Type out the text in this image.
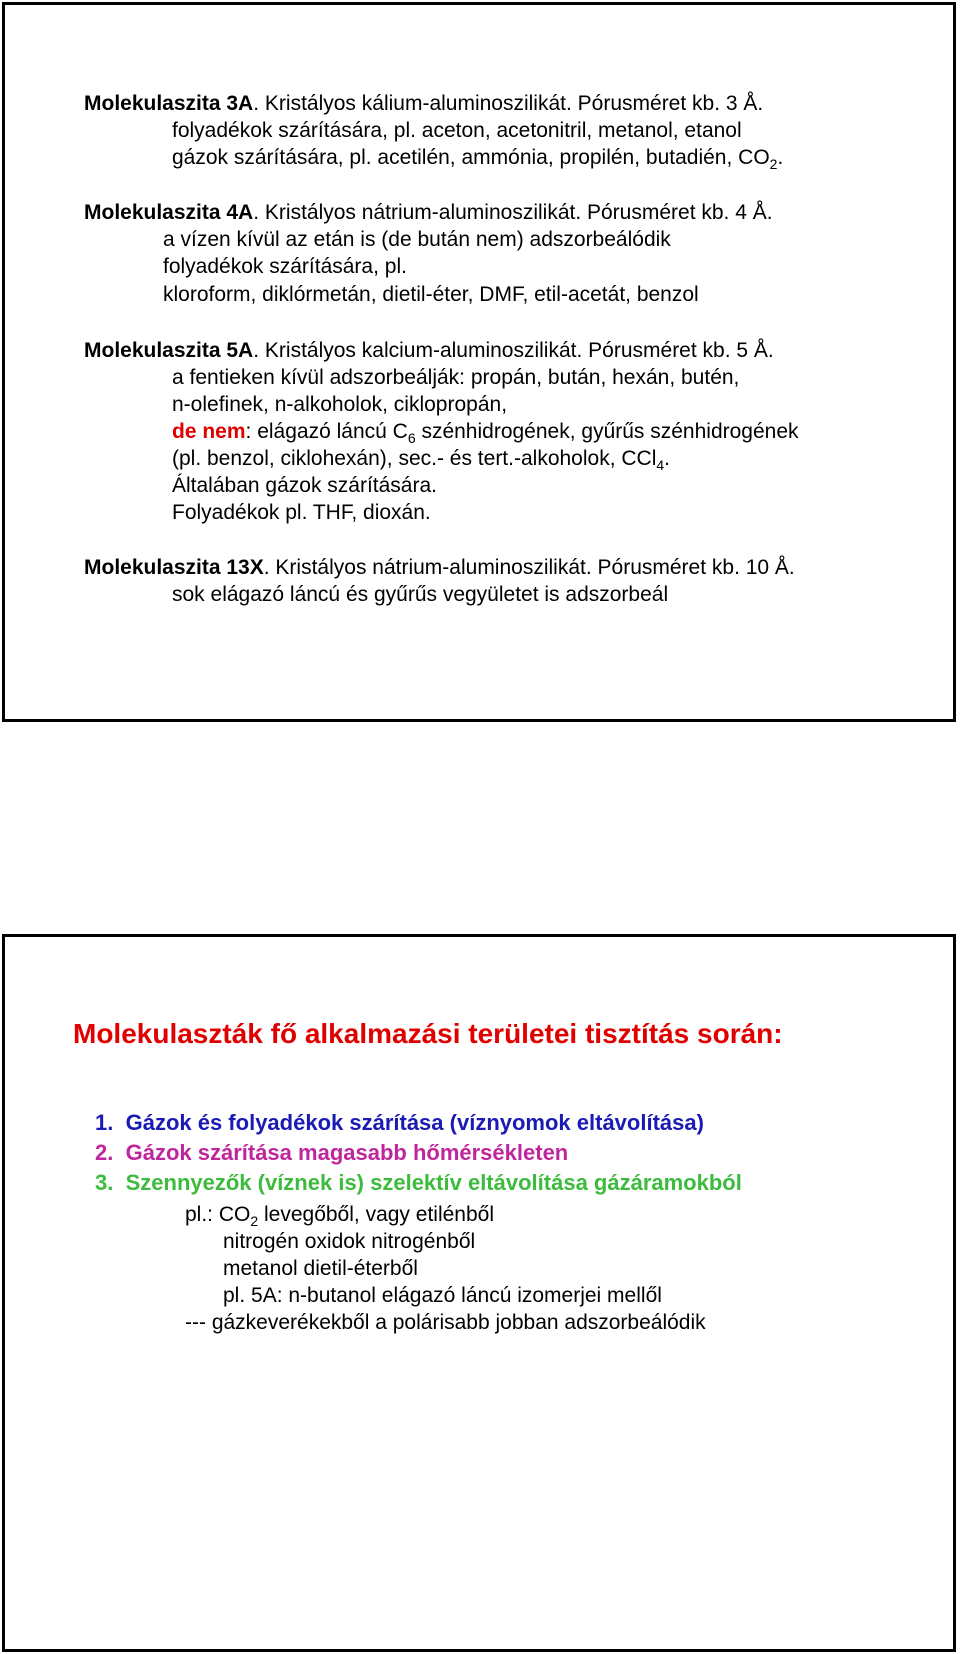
Molekulaszita 3A. Kristályos kálium-aluminoszilikát. Pórusméret kb. 3 Å.
folyadékok szárítására, pl. aceton, acetonitril, metanol, etanol
gázok szárítására, pl. acetilén, ammónia, propilén, butadién, $CO_2$.
Molekulaszita 4A. Kristályos nátrium-aluminoszilikát. Pórusméret kb. 4 Å.
a vízen kívül az etán is (de bután nem) adszorbeálódik
folyadékok szárítására, pl.
kloroform, diklórmetán, dietil-éter, DMF, etil-acetát, benzol
Molekulaszita 5A. Kristályos kalcium-aluminoszilikát. Pórusméret kb. 5 Å.
a fentieken kívül adszorbeálják: propán, bután, hexán, butén,
n-olefinek, n-alkoholok, ciklopropán,
de nem: elágazó láncú $C_6$ szénhidrogének, gyűrűs szénhidrogének
(pl. benzol, ciklohexán), sec.- és tert.-alkoholok, CCl$_4$.
Általában gázok szárítására.
Folyadékok pl. THF, dioxán.
Molekulaszita 13X. Kristályos nátrium-aluminoszilikát. Pórusméret kb. 10 Å.
sok elágazó láncú és gyűrűs vegyületet is adszorbeál
Molekulaszták fő alkalmazási területei tisztítás során:
1. Gázok és folyadékok szárítása (víznyomok eltávolítása)
2. Gázok szárítása magasabb hőmérsékleten
3. Szennyezők (víznek is) szelektív eltávolítása gázáramokból
pl.: $CO_2$ levegőből, vagy etilénből
nitrogén oxidok nitrogénből
metanol dietil-éterből
pl. 5A: n-butanol elágazó láncú izomerjei mellől
--- gázkeverékekből a polárisabb jobban adszorbeálódik
